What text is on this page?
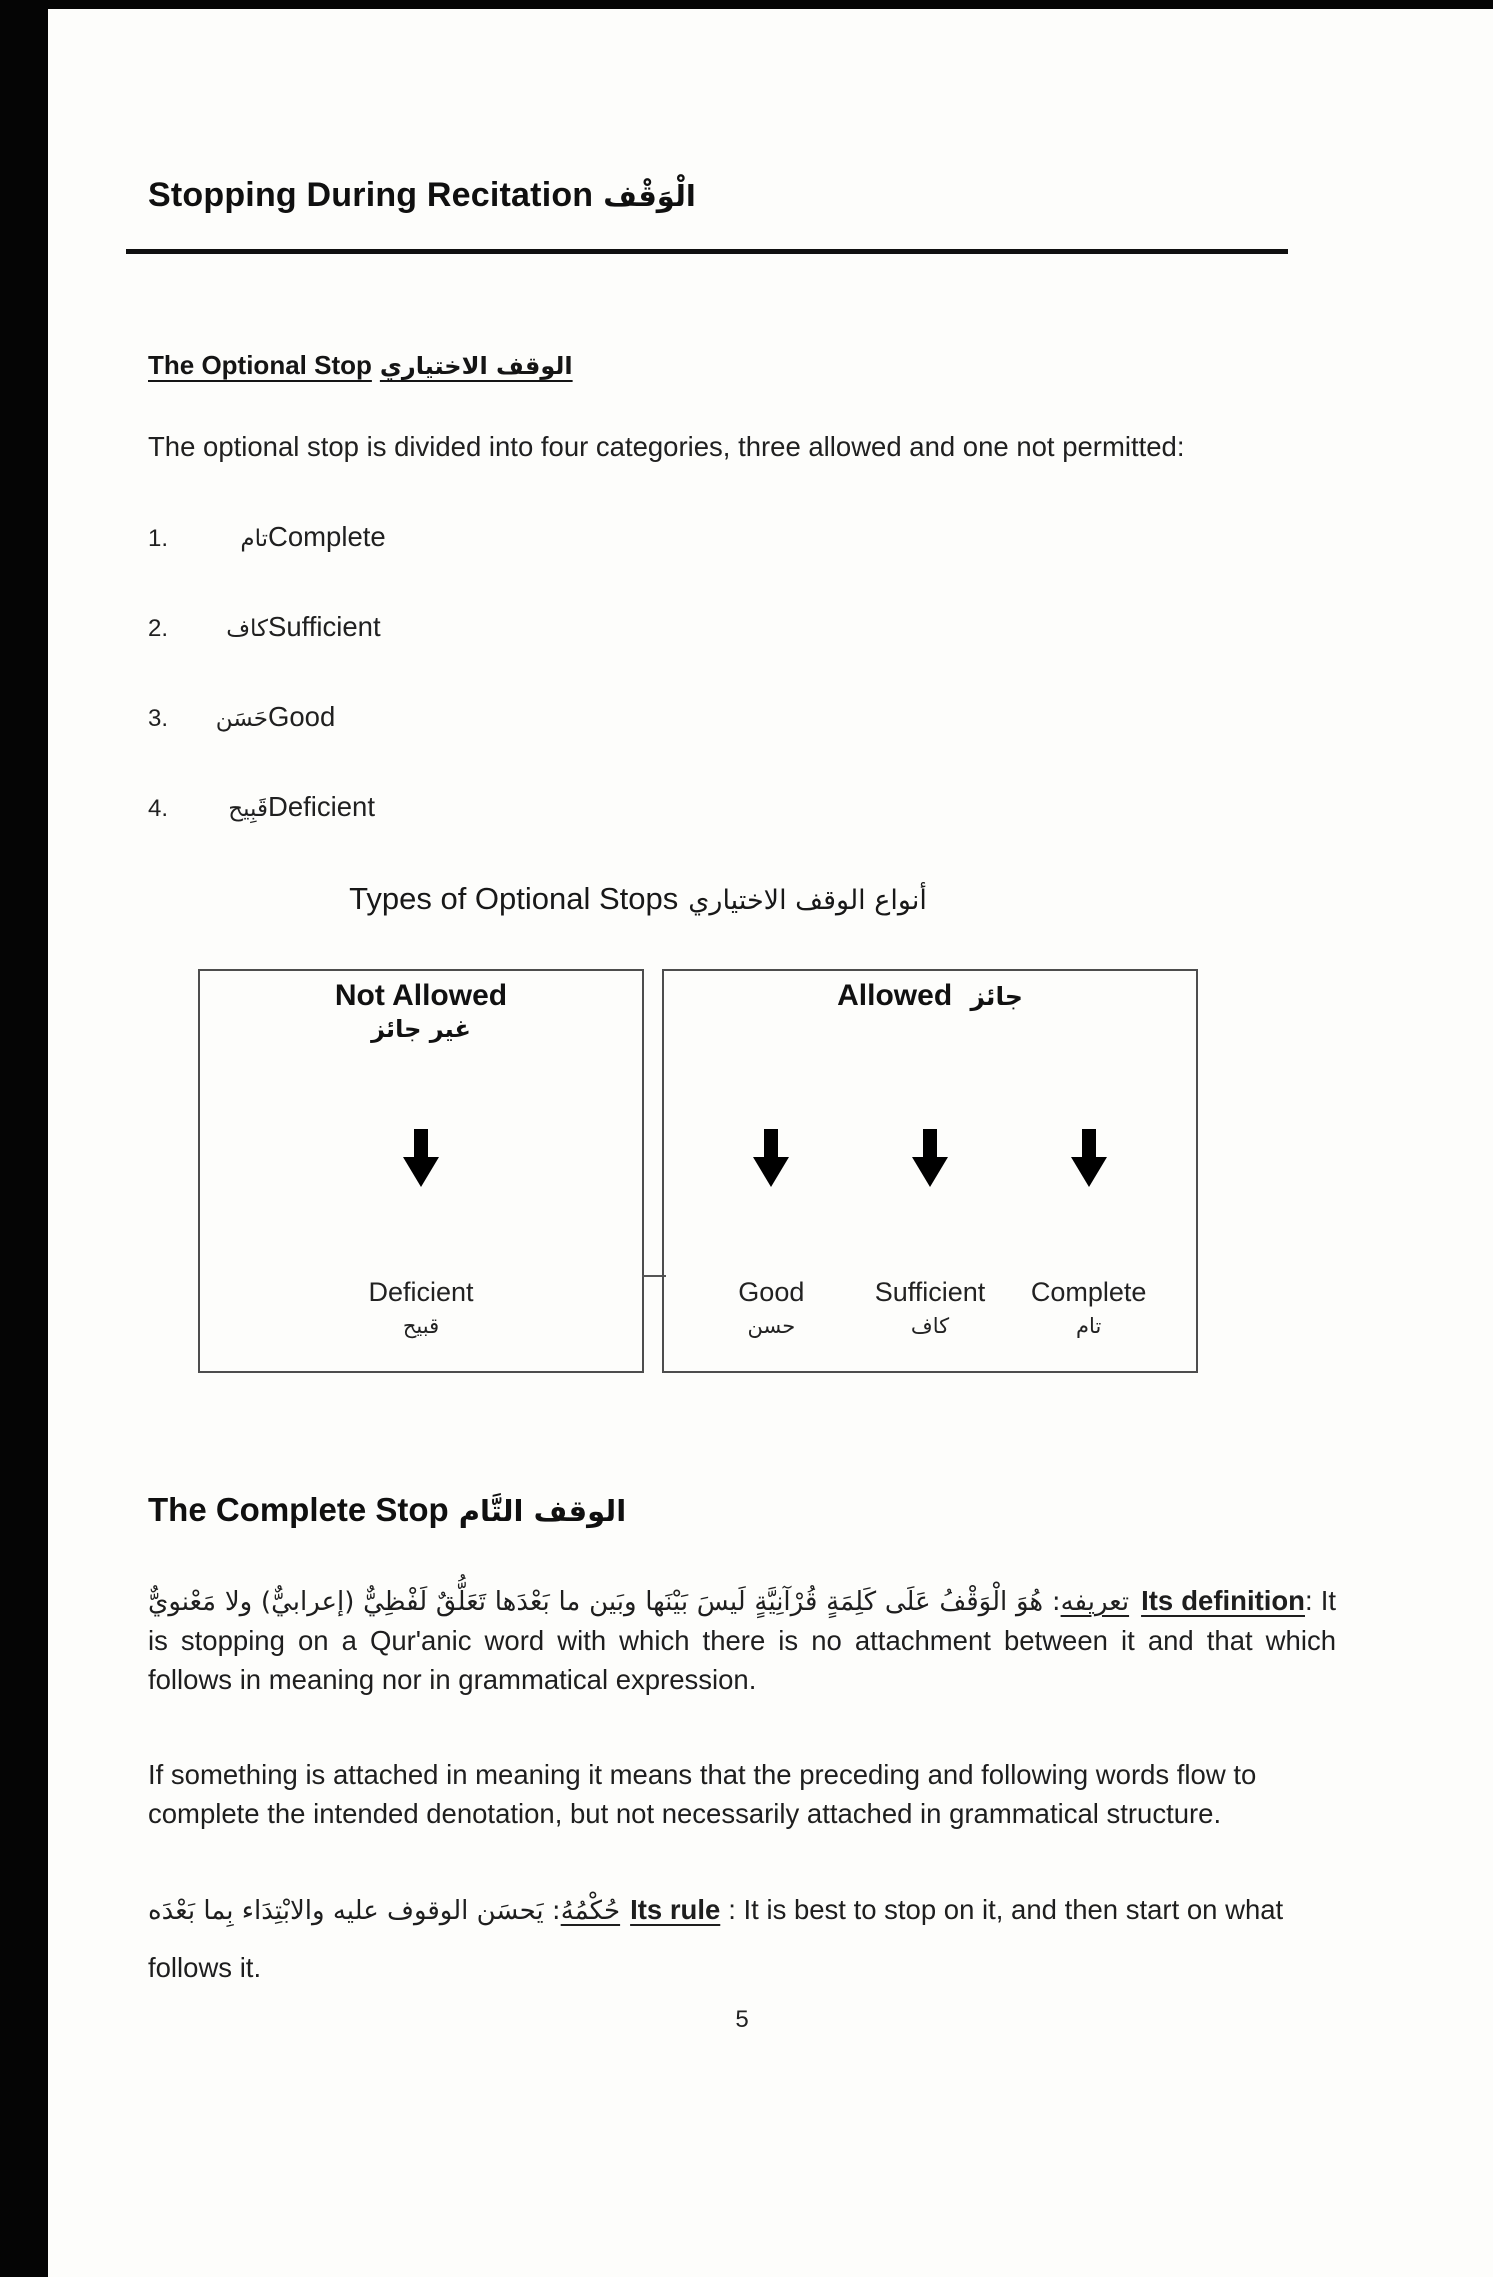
Stopping During Recitation الْوَقْف
The Optional Stop الوقف الاختياري

The optional stop is divided into four categories, three allowed and one not permitted:

1.	تام Complete
2.	كاف Sufficient
3.	حَسَن Good
4.	قَبِيح Deficient
Types of Optional Stops أنواع الوقف الاختياري
Not Allowed
غير جائز
Deficient
قبيح
Allowed جائز
Good
حسن
Sufficient
كاف
Complete
تام
The Complete Stop الوقف التَّام

تعريفه: هُوَ الْوَقْفُ عَلَى كَلِمَةٍ قُرْآنِيَّةٍ لَيسَ بَيْنَها وبَين ما بَعْدَها تَعَلُّقٌ لَفْظِيٌّ (إعرابيٌّ) ولا مَعْنويٌّ	Its definition: It is stopping on a Qur'anic word with which there is no attachment between it and that which follows in meaning nor in grammatical expression.

If something is attached in meaning it means that the preceding and following words flow to complete the intended denotation, but not necessarily attached in grammatical structure.

حُكْمُهُ: يَحسَن الوقوف عليه والابْتِدَاء بِما بَعْدَه	Its rule : It is best to stop on it, and then start on what follows it.

5
